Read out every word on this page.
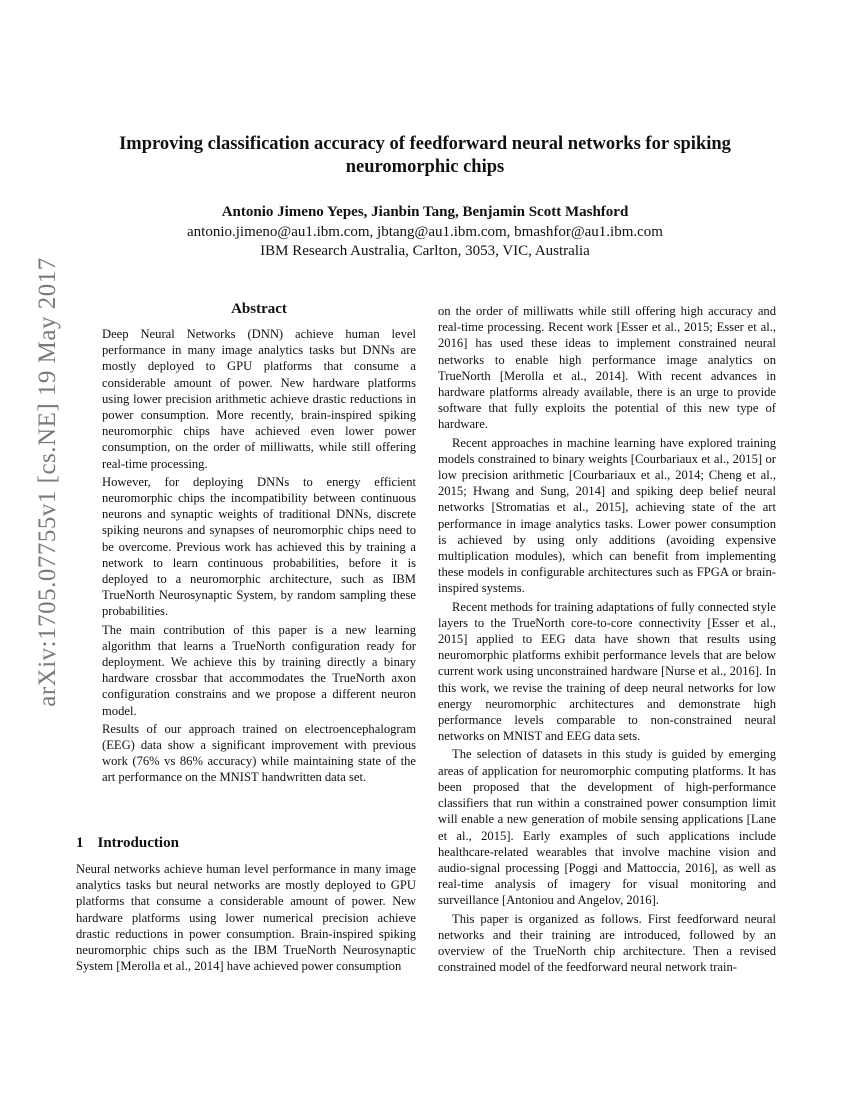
arXiv:1705.07755v1 [cs.NE] 19 May 2017
Improving classification accuracy of feedforward neural networks for spiking
neuromorphic chips
Antonio Jimeno Yepes, Jianbin Tang, Benjamin Scott Mashford
antonio.jimeno@au1.ibm.com, jbtang@au1.ibm.com, bmashfor@au1.ibm.com
IBM Research Australia, Carlton, 3053, VIC, Australia
Abstract

Deep Neural Networks (DNN) achieve human level performance in many image analytics tasks but DNNs are mostly deployed to GPU platforms that consume a considerable amount of power. New hardware platforms using lower precision arithmetic achieve drastic reductions in power consumption. More recently, brain-inspired spiking neuromorphic chips have achieved even lower power consumption, on the order of milliwatts, while still offering real-time processing.

However, for deploying DNNs to energy efficient neuromorphic chips the incompatibility between continuous neurons and synaptic weights of traditional DNNs, discrete spiking neurons and synapses of neuromorphic chips need to be overcome. Previous work has achieved this by training a network to learn continuous probabilities, before it is deployed to a neuromorphic architecture, such as IBM TrueNorth Neurosynaptic System, by random sampling these probabilities.

The main contribution of this paper is a new learning algorithm that learns a TrueNorth configuration ready for deployment. We achieve this by training directly a binary hardware crossbar that accommodates the TrueNorth axon configuration constrains and we propose a different neuron model.

Results of our approach trained on electroencephalogram (EEG) data show a significant improvement with previous work (76% vs 86% accuracy) while maintaining state of the art performance on the MNIST handwritten data set.

1 Introduction

Neural networks achieve human level performance in many image analytics tasks but neural networks are mostly deployed to GPU platforms that consume a considerable amount of power. New hardware platforms using lower numerical precision achieve drastic reductions in power consumption. Brain-inspired spiking neuromorphic chips such as the IBM TrueNorth Neurosynaptic System [Merolla et al., 2014] have achieved power consumption

on the order of milliwatts while still offering high accuracy and real-time processing. Recent work [Esser et al., 2015; Esser et al., 2016] has used these ideas to implement constrained neural networks to enable high performance image analytics on TrueNorth [Merolla et al., 2014]. With recent advances in hardware platforms already available, there is an urge to provide software that fully exploits the potential of this new type of hardware.

Recent approaches in machine learning have explored training models constrained to binary weights [Courbariaux et al., 2015] or low precision arithmetic [Courbariaux et al., 2014; Cheng et al., 2015; Hwang and Sung, 2014] and spiking deep belief neural networks [Stromatias et al., 2015], achieving state of the art performance in image analytics tasks. Lower power consumption is achieved by using only additions (avoiding expensive multiplication modules), which can benefit from implementing these models in configurable architectures such as FPGA or brain-inspired systems.

Recent methods for training adaptations of fully connected style layers to the TrueNorth core-to-core connectivity [Esser et al., 2015] applied to EEG data have shown that results using neuromorphic platforms exhibit performance levels that are below current work using unconstrained hardware [Nurse et al., 2016]. In this work, we revise the training of deep neural networks for low energy neuromorphic architectures and demonstrate high performance levels comparable to non-constrained neural networks on MNIST and EEG data sets.

The selection of datasets in this study is guided by emerging areas of application for neuromorphic computing platforms. It has been proposed that the development of high-performance classifiers that run within a constrained power consumption limit will enable a new generation of mobile sensing applications [Lane et al., 2015]. Early examples of such applications include healthcare-related wearables that involve machine vision and audio-signal processing [Poggi and Mattoccia, 2016], as well as real-time analysis of imagery for visual monitoring and surveillance [Antoniou and Angelov, 2016].

This paper is organized as follows. First feedforward neural networks and their training are introduced, followed by an overview of the TrueNorth chip architecture. Then a revised constrained model of the feedforward neural network train-
